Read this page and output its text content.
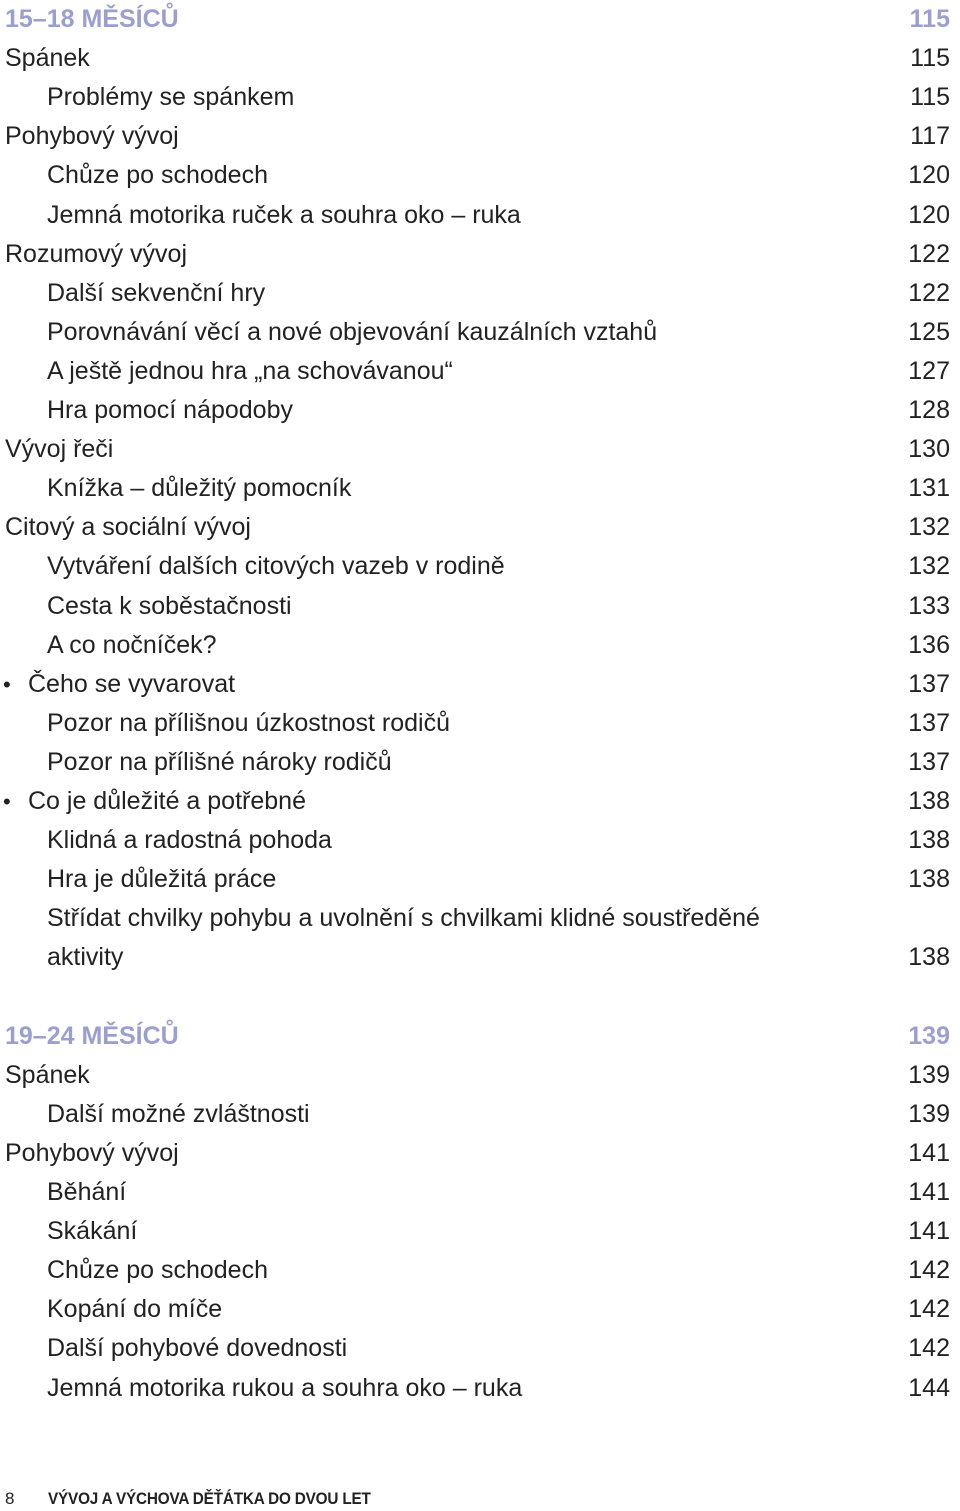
15–18 MĚSÍCŮ	115
Spánek	115
Problémy se spánkem	115
Pohybový vývoj	117
Chůze po schodech	120
Jemná motorika ruček a souhra oko – ruka	120
Rozumový vývoj	122
Další sekvenční hry	122
Porovnávání věcí a nové objevování kauzálních vztahů	125
A ještě jednou hra „na schovávanou“	127
Hra pomocí nápodoby	128
Vývoj řeči	130
Knížka – důležitý pomocník	131
Citový a sociální vývoj	132
Vytváření dalších citových vazeb v rodině	132
Cesta k soběstačnosti	133
A co nočníček?	136
• Čeho se vyvarovat	137
Pozor na přílišnou úzkostnost rodičů	137
Pozor na přílišné nároky rodičů	137
• Co je důležité a potřebné	138
Klidná a radostná pohoda	138
Hra je důležitá práce	138
Střídat chvilky pohybu a uvolnění s chvilkami klidné soustředěné
aktivity	138
19–24 MĚSÍCŮ	139
Spánek	139
Další možné zvláštnosti	139
Pohybový vývoj	141
Běhání	141
Skákání	141
Chůze po schodech	142
Kopání do míče	142
Další pohybové dovednosti	142
Jemná motorika rukou a souhra oko – ruka	144
8 VÝVOJ A VÝCHOVA DĚŤÁTKA DO DVOU LET
